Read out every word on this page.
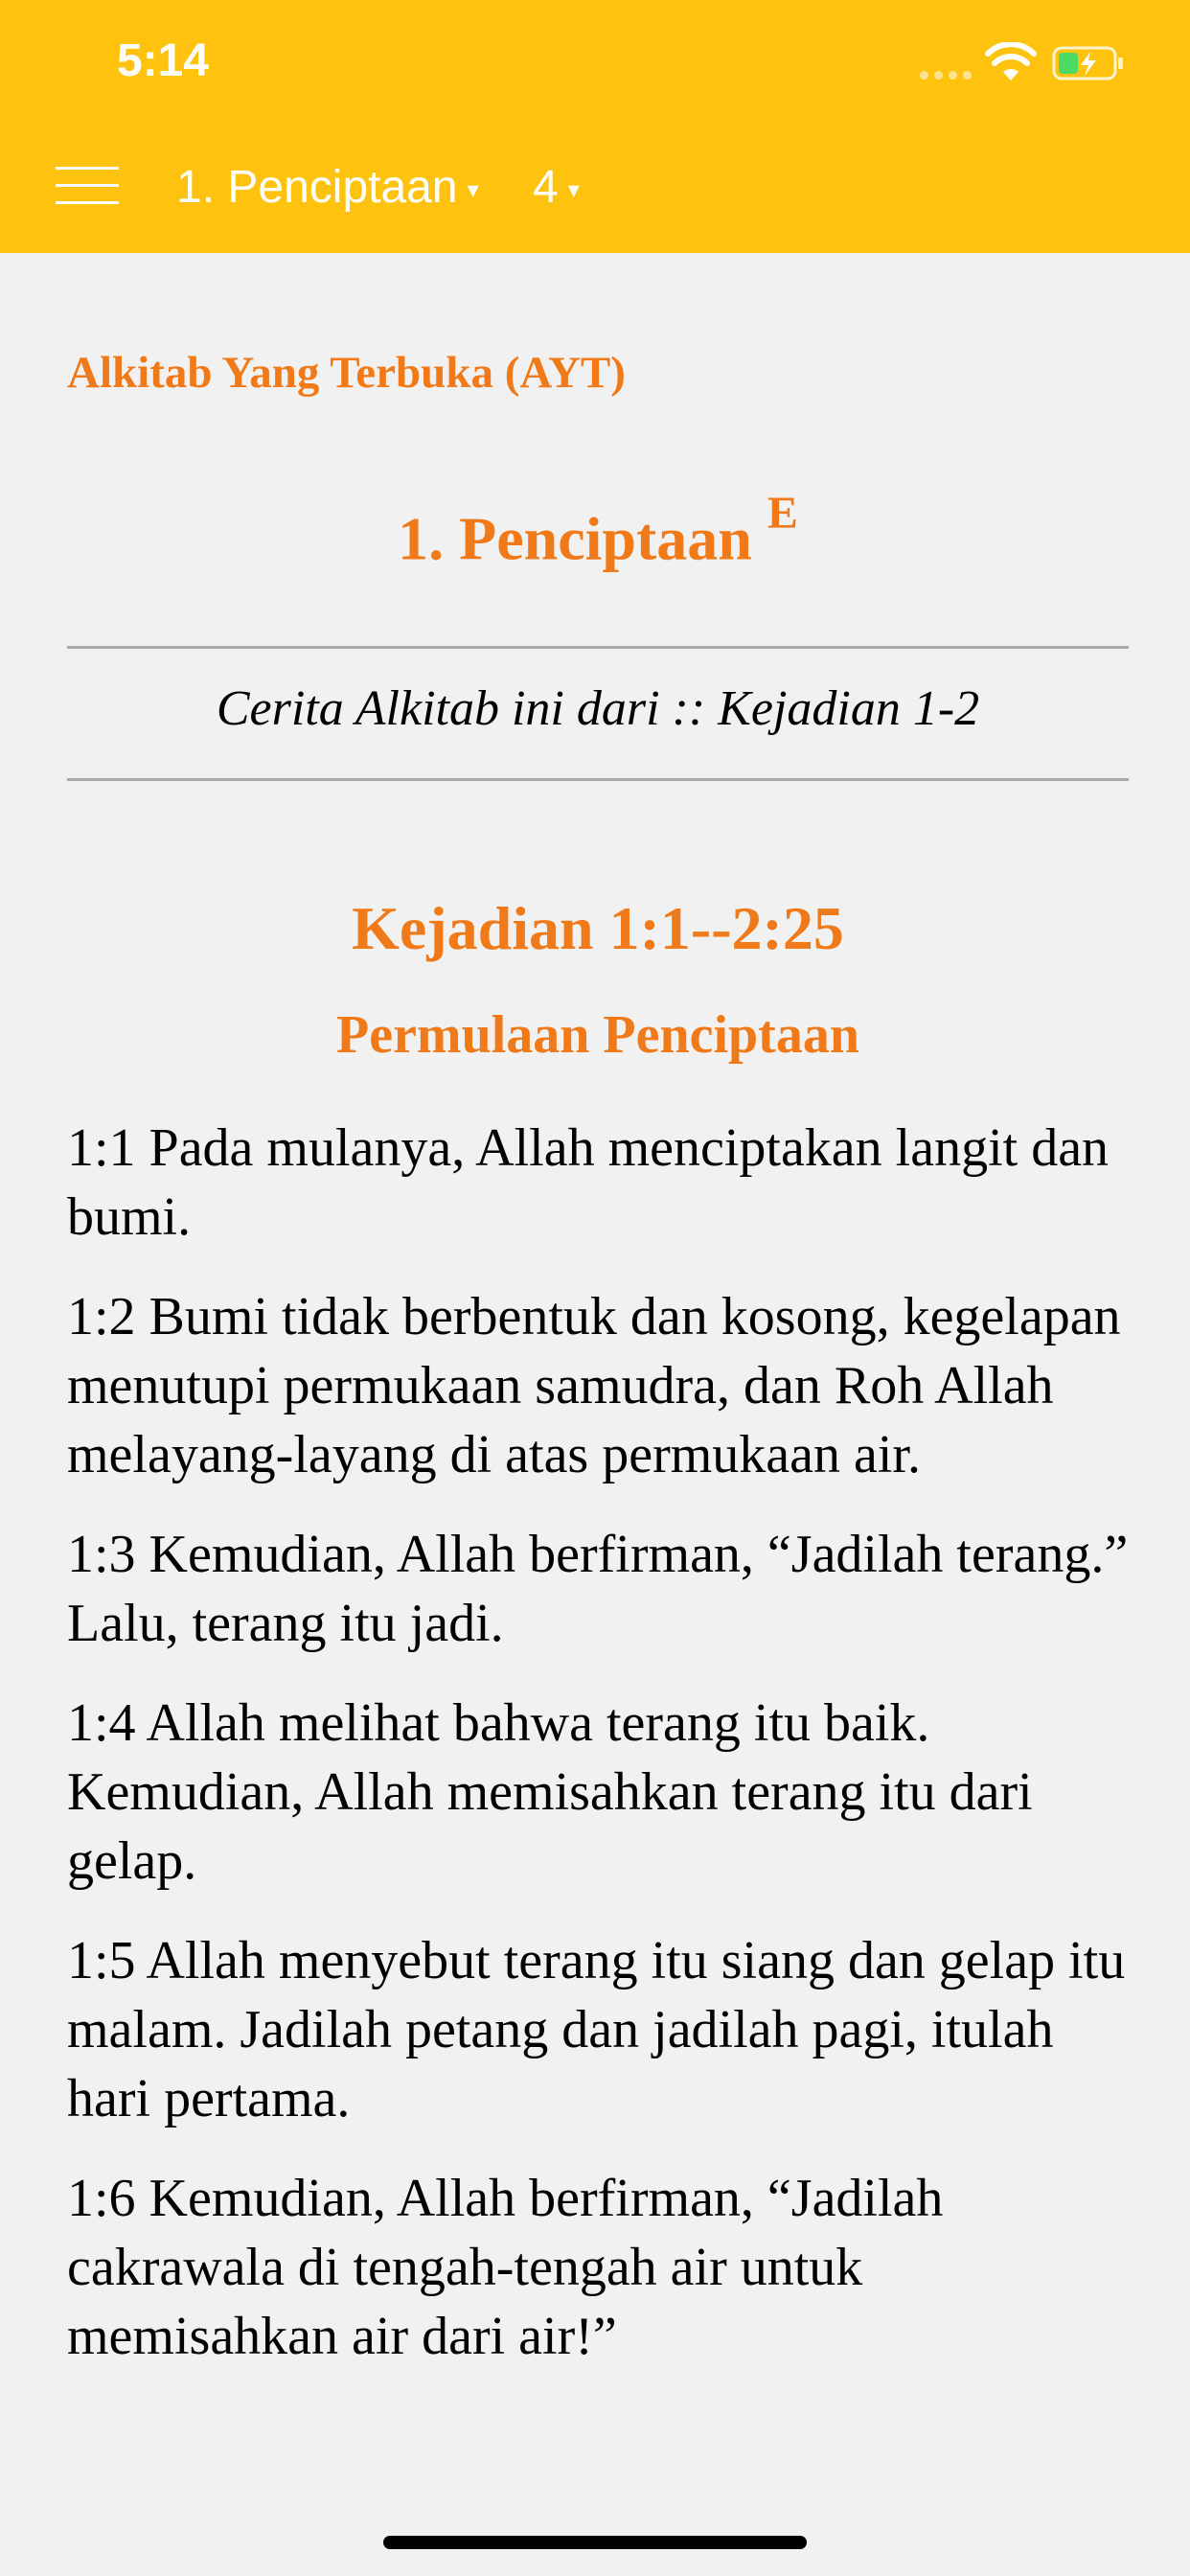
5:14
1. Penciptaan ▾ 4 ▾
Alkitab Yang Terbuka (AYT)
1. Penciptaan $^E$
Cerita Alkitab ini dari :: Kejadian 1-2
Kejadian 1:1--2:25
Permulaan Penciptaan

1:1 Pada mulanya, Allah menciptakan langit dan bumi.

1:2 Bumi tidak berbentuk dan kosong, kegelapan menutupi permukaan samudra, dan Roh Allah melayang-layang di atas permukaan air.

1:3 Kemudian, Allah berfirman, “Jadilah terang.” Lalu, terang itu jadi.

1:4 Allah melihat bahwa terang itu baik. Kemudian, Allah memisahkan terang itu dari gelap.

1:5 Allah menyebut terang itu siang dan gelap itu malam. Jadilah petang dan jadilah pagi, itulah hari pertama.

1:6 Kemudian, Allah berfirman, “Jadilah cakrawala di tengah-tengah air untuk memisahkan air dari air!”
